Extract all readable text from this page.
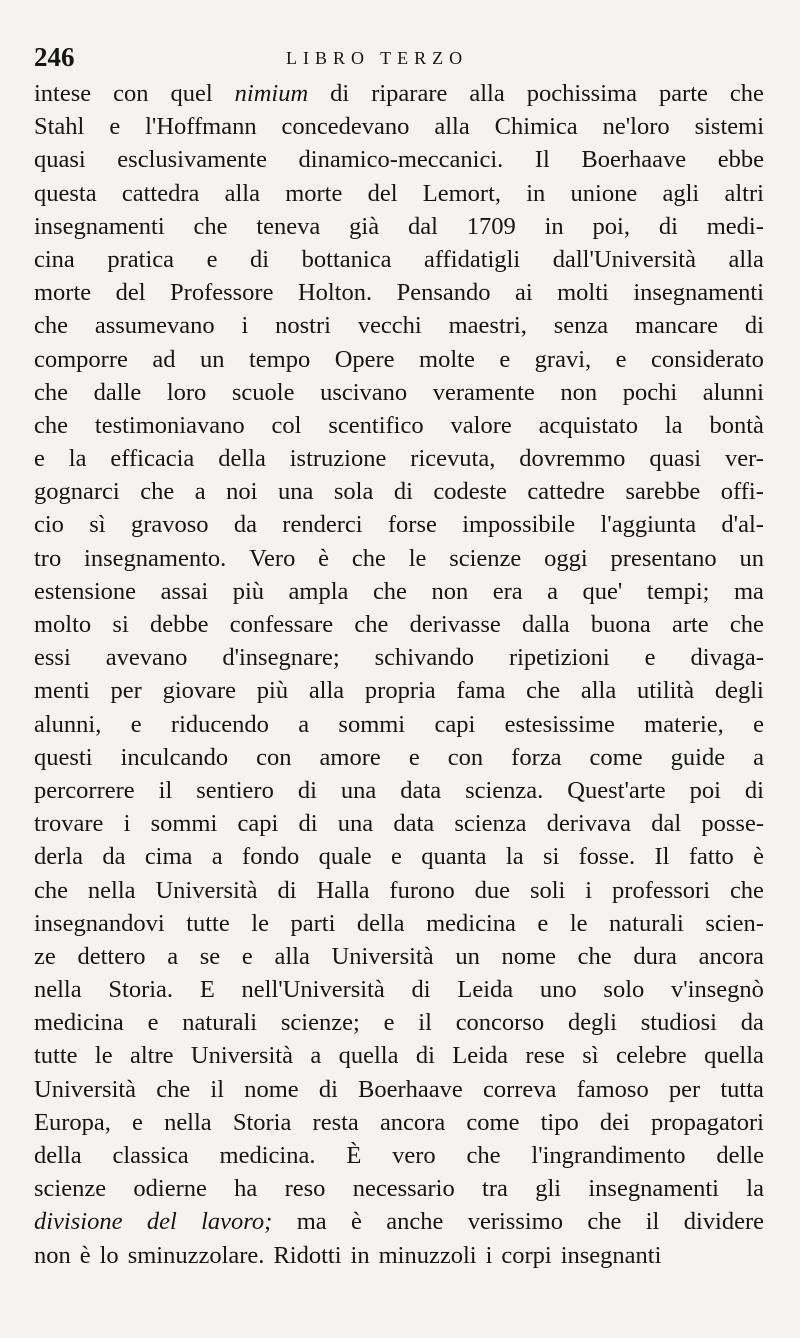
246	LIBRO TERZO
intese con quel nimium di riparare alla pochissima parte che
Stahl e l'Hoffmann concedevano alla Chimica ne'loro sistemi
quasi esclusivamente dinamico-meccanici. Il Boerhaave ebbe
questa cattedra alla morte del Lemort, in unione agli altri
insegnamenti che teneva già dal 1709 in poi, di medi-
cina pratica e di bottanica affidatigli dall'Università alla
morte del Professore Holton. Pensando ai molti insegnamenti
che assumevano i nostri vecchi maestri, senza mancare di
comporre ad un tempo Opere molte e gravi, e considerato
che dalle loro scuole uscivano veramente non pochi alunni
che testimoniavano col scentifico valore acquistato la bontà
e la efficacia della istruzione ricevuta, dovremmo quasi ver-
gognarci che a noi una sola di codeste cattedre sarebbe offi-
cio sì gravoso da renderci forse impossibile l'aggiunta d'al-
tro insegnamento. Vero è che le scienze oggi presentano un
estensione assai più ampla che non era a que' tempi; ma
molto si debbe confessare che derivasse dalla buona arte che
essi avevano d'insegnare; schivando ripetizioni e divaga-
menti per giovare più alla propria fama che alla utilità degli
alunni, e riducendo a sommi capi estesissime materie, e
questi inculcando con amore e con forza come guide a
percorrere il sentiero di una data scienza. Quest'arte poi di
trovare i sommi capi di una data scienza derivava dal posse-
derla da cima a fondo quale e quanta la si fosse. Il fatto è
che nella Università di Halla furono due soli i professori che
insegnandovi tutte le parti della medicina e le naturali scien-
ze dettero a se e alla Università un nome che dura ancora
nella Storia. E nell'Università di Leida uno solo v'insegnò
medicina e naturali scienze; e il concorso degli studiosi da
tutte le altre Università a quella di Leida rese sì celebre quella
Università che il nome di Boerhaave correva famoso per tutta
Europa, e nella Storia resta ancora come tipo dei propagatori
della classica medicina. È vero che l'ingrandimento delle
scienze odierne ha reso necessario tra gli insegnamenti la
divisione del lavoro; ma è anche verissimo che il dividere
non è lo sminuzzolare. Ridotti in minuzzoli i corpi insegnanti
